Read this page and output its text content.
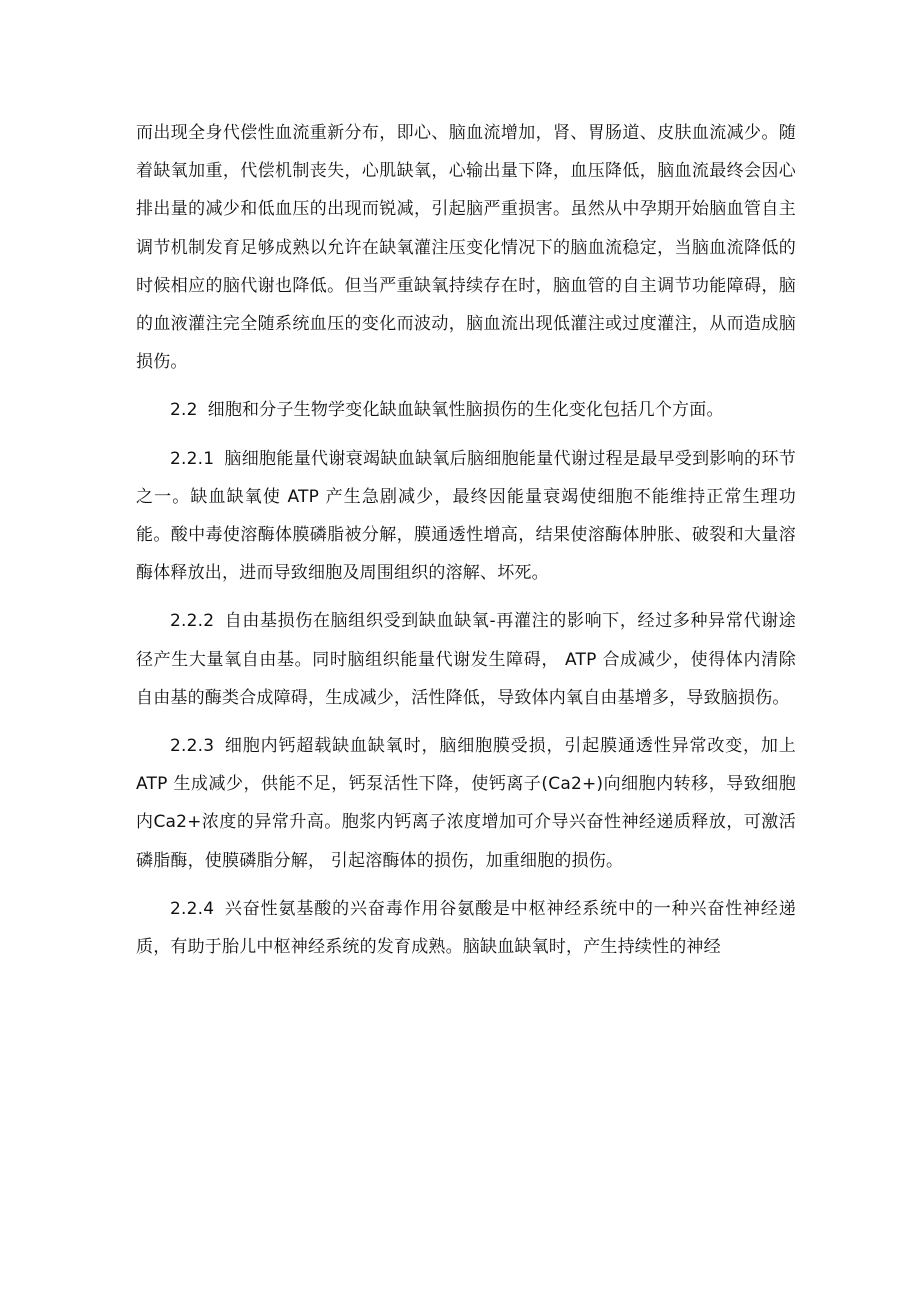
而出现全身代偿性血流重新分布，即心、脑血流增加，肾、胃肠道、皮肤血流减少。随着缺氧加重，代偿机制丧失，心肌缺氧，心输出量下降，血压降低，脑血流最终会因心排出量的减少和低血压的出现而锐减，引起脑严重损害。虽然从中孕期开始脑血管自主调节机制发育足够成熟以允许在缺氧灌注压变化情况下的脑血流稳定，当脑血流降低的时候相应的脑代谢也降低。但当严重缺氧持续存在时，脑血管的自主调节功能障碍，脑的血液灌注完全随系统血压的变化而波动，脑血流出现低灌注或过度灌注，从而造成脑损伤。

2.2 细胞和分子生物学变化缺血缺氧性脑损伤的生化变化包括几个方面。

2.2.1 脑细胞能量代谢衰竭缺血缺氧后脑细胞能量代谢过程是最早受到影响的环节之一。缺血缺氧使 ATP 产生急剧减少，最终因能量衰竭使细胞不能维持正常生理功能。酸中毒使溶酶体膜磷脂被分解，膜通透性增高，结果使溶酶体肿胀、破裂和大量溶酶体释放出，进而导致细胞及周围组织的溶解、坏死。

2.2.2 自由基损伤在脑组织受到缺血缺氧-再灌注的影响下，经过多种异常代谢途径产生大量氧自由基。同时脑组织能量代谢发生障碍， ATP 合成减少，使得体内清除自由基的酶类合成障碍，生成减少，活性降低，导致体内氧自由基增多，导致脑损伤。

2.2.3 细胞内钙超载缺血缺氧时，脑细胞膜受损，引起膜通透性异常改变，加上 ATP 生成减少，供能不足，钙泵活性下降，使钙离子(Ca2+)向细胞内转移，导致细胞内Ca2+浓度的异常升高。胞浆内钙离子浓度增加可介导兴奋性神经递质释放，可激活磷脂酶，使膜磷脂分解， 引起溶酶体的损伤，加重细胞的损伤。

2.2.4 兴奋性氨基酸的兴奋毒作用谷氨酸是中枢神经系统中的一种兴奋性神经递质，有助于胎儿中枢神经系统的发育成熟。脑缺血缺氧时，产生持续性的神经
